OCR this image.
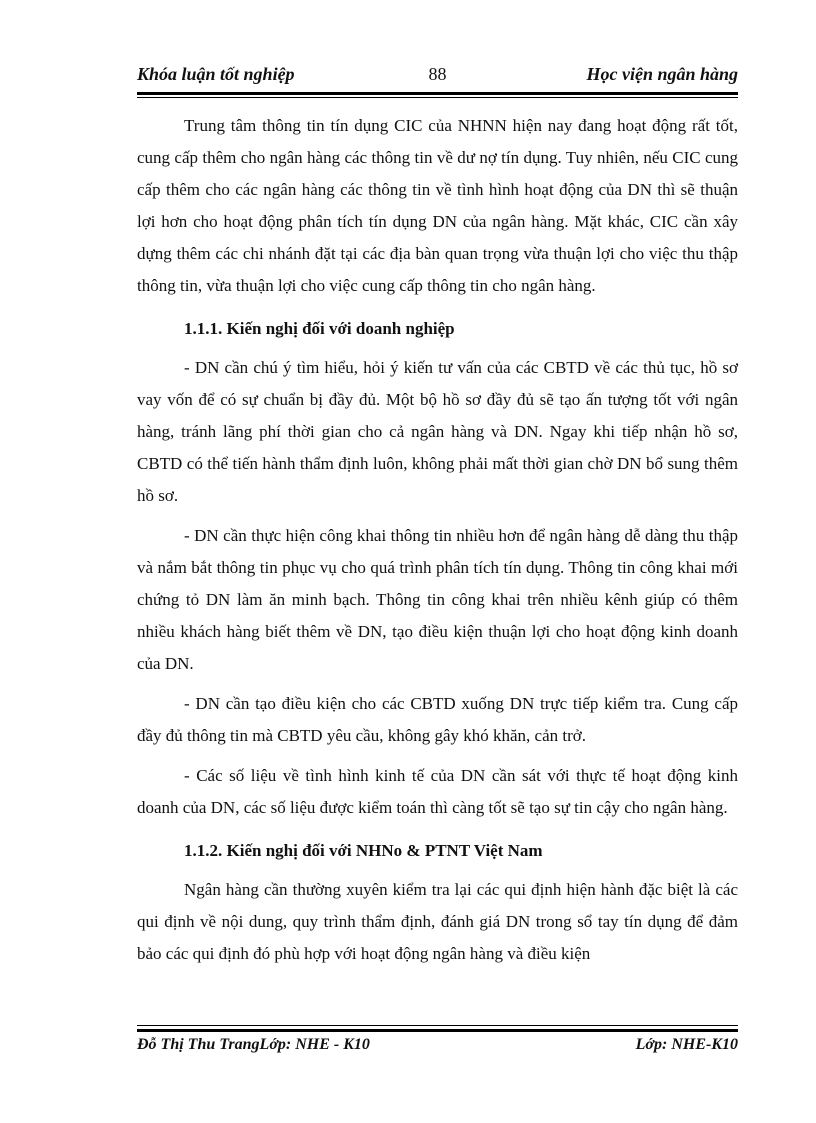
Khóa luận tốt nghiệp	88	Học viện ngân hàng

Trung tâm thông tin tín dụng CIC của NHNN hiện nay đang hoạt động rất tốt, cung cấp thêm cho ngân hàng các thông tin về dư nợ tín dụng. Tuy nhiên, nếu CIC cung cấp thêm cho các ngân hàng các thông tin về tình hình hoạt động của DN thì sẽ thuận lợi hơn cho hoạt động phân tích tín dụng DN của ngân hàng. Mặt khác, CIC cần xây dựng thêm các chi nhánh đặt tại các địa bàn quan trọng vừa thuận lợi cho việc thu thập thông tin, vừa thuận lợi cho việc cung cấp thông tin cho ngân hàng.

1.1.1. Kiến nghị đối với doanh nghiệp

- DN cần chú ý tìm hiểu, hỏi ý kiến tư vấn của các CBTD về các thủ tục, hồ sơ vay vốn để có sự chuẩn bị đầy đủ. Một bộ hồ sơ đầy đủ sẽ tạo ấn tượng tốt với ngân hàng, tránh lãng phí thời gian cho cả ngân hàng và DN. Ngay khi tiếp nhận hồ sơ, CBTD có thể tiến hành thẩm định luôn, không phải mất thời gian chờ DN bổ sung thêm hồ sơ.

- DN cần thực hiện công khai thông tin nhiều hơn để ngân hàng dễ dàng thu thập và nắm bắt thông tin phục vụ cho quá trình phân tích tín dụng. Thông tin công khai mới chứng tỏ DN làm ăn minh bạch. Thông tin công khai trên nhiều kênh giúp có thêm nhiều khách hàng biết thêm về DN, tạo điều kiện thuận lợi cho hoạt động kinh doanh của DN.

- DN cần tạo điều kiện cho các CBTD xuống DN trực tiếp kiểm tra. Cung cấp đầy đủ thông tin mà CBTD yêu cầu, không gây khó khăn, cản trở.

- Các số liệu về tình hình kinh tế của DN cần sát với thực tế hoạt động kinh doanh của DN, các số liệu được kiểm toán thì càng tốt sẽ tạo sự tin cậy cho ngân hàng.

1.1.2. Kiến nghị đối với NHNo & PTNT Việt Nam

Ngân hàng cần thường xuyên kiểm tra lại các qui định hiện hành đặc biệt là các qui định về nội dung, quy trình thẩm định, đánh giá DN trong sổ tay tín dụng để đảm bảo các qui định đó phù hợp với hoạt động ngân hàng và điều kiện

Đỗ Thị Thu TrangLớp: NHE - K10	Lớp: NHE-K10
